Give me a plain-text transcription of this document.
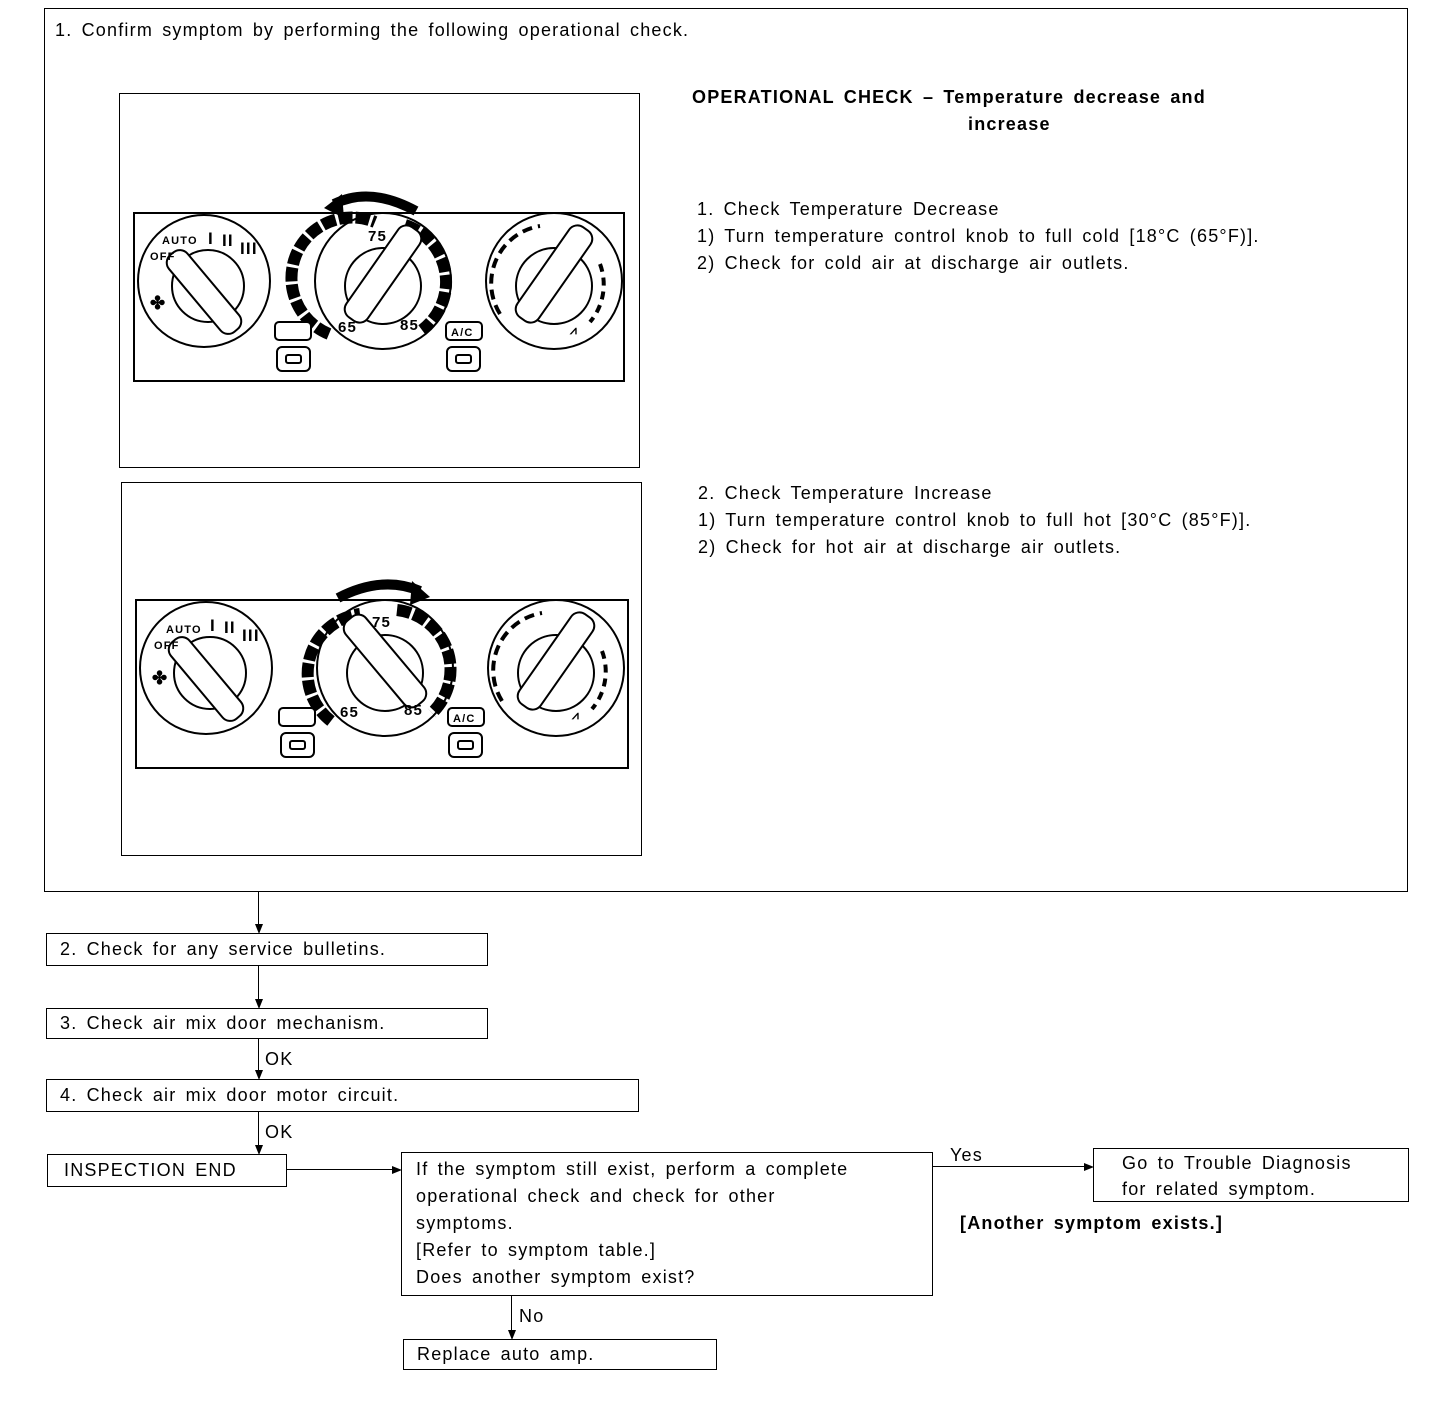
1. Confirm symptom by performing the following operational check.
AUTO
OFF
I II III
✤
75
65	85	⩘
A/C
AUTO
OFF
I II III
✤
75
65	85	⩘
A/C
OPERATIONAL CHECK – Temperature decrease and
increase
1. Check Temperature Decrease
1) Turn temperature control knob to full cold [18°C (65°F)].
2) Check for cold air at discharge air outlets.
2. Check Temperature Increase
1) Turn temperature control knob to full hot [30°C (85°F)].
2) Check for hot air at discharge air outlets.
2. Check for any service bulletins.
3. Check air mix door mechanism.
OK
4. Check air mix door motor circuit.
OK
INSPECTION END	If the symptom still exist, perform a complete
operational check and check for other
symptoms.
[Refer to symptom table.]
Does another symptom exist?
Yes	Go to Trouble Diagnosis
for related symptom.
[Another symptom exists.]
No
Replace auto amp.
